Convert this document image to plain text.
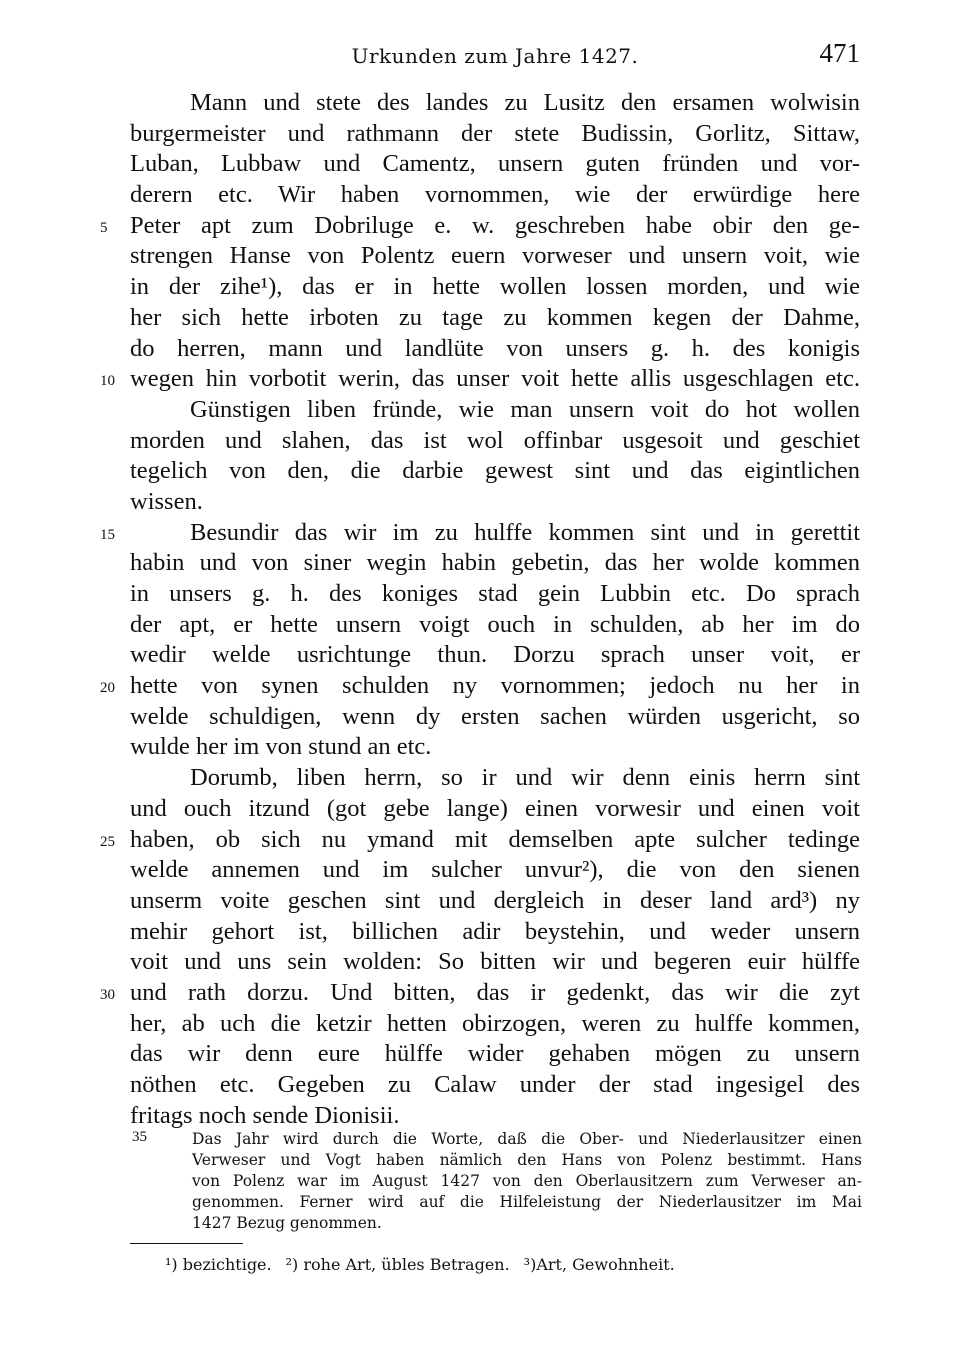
Urkunden zum Jahre 1427.	471
Mann und stete des landes zu Lusitz den ersamen wolwisin
burgermeister und rathmann der stete Budissin, Gorlitz, Sittaw,
Luban, Lubbaw und Camentz, unsern guten fründen und vor-
derern etc. Wir haben vornommen, wie der erwürdige here
5 Peter apt zum Dobriluge e. w. geschreben habe obir den ge-
strengen Hanse von Polentz euern vorweser und unsern voit, wie
in der zihe¹), das er in hette wollen lossen morden, und wie
her sich hette irboten zu tage zu kommen kegen der Dahme,
do herren, mann und landlüte von unsers g. h. des konigis
10 wegen hin vorbotit werin, das unser voit hette allis usgeschlagen etc.
Günstigen liben fründe, wie man unsern voit do hot wollen
morden und slahen, das ist wol offinbar usgesoit und geschiet
tegelich von den, die darbie gewest sint und das eigintlichen
wissen.
15	Besundir das wir im zu hulffe kommen sint und in gerettit
habin und von siner wegin habin gebetin, das her wolde kommen
in unsers g. h. des koniges stad gein Lubbin etc. Do sprach
der apt, er hette unsern voigt ouch in schulden, ab her im do
wedir welde usrichtunge thun. Dorzu sprach unser voit, er
20 hette von synen schulden ny vornommen; jedoch nu her in
welde schuldigen, wenn dy ersten sachen würden usgericht, so
wulde her im von stund an etc.
Dorumb, liben herrn, so ir und wir denn einis herrn sint
und ouch itzund (got gebe lange) einen vorwesir und einen voit
25 haben, ob sich nu ymand mit demselben apte sulcher tedinge
welde annemen und im sulcher unvur²), die von den sienen
unserm voite geschen sint und dergleich in deser land ard³) ny
mehir gehort ist, billichen adir beystehin, und weder unsern
voit und uns sein wolden: So bitten wir und begeren euir hülffe
30 und rath dorzu. Und bitten, das ir gedenkt, das wir die zyt
her, ab uch die ketzir hetten obirzogen, weren zu hulffe kommen,
das wir denn eure hülffe wider gehaben mögen zu unsern
nöthen etc. Gegeben zu Calaw under der stad ingesigel des
fritags noch sende Dionisii.
35	Das Jahr wird durch die Worte, daß die Ober- und Niederlausitzer einen
Verweser und Vogt haben nämlich den Hans von Polenz bestimmt. Hans
von Polenz war im August 1427 von den Oberlausitzern zum Verweser an-
genommen. Ferner wird auf die Hilfeleistung der Niederlausitzer im Mai
1427 Bezug genommen.
¹) bezichtige. ²) rohe Art, übles Betragen. ³)Art, Gewohnheit.
